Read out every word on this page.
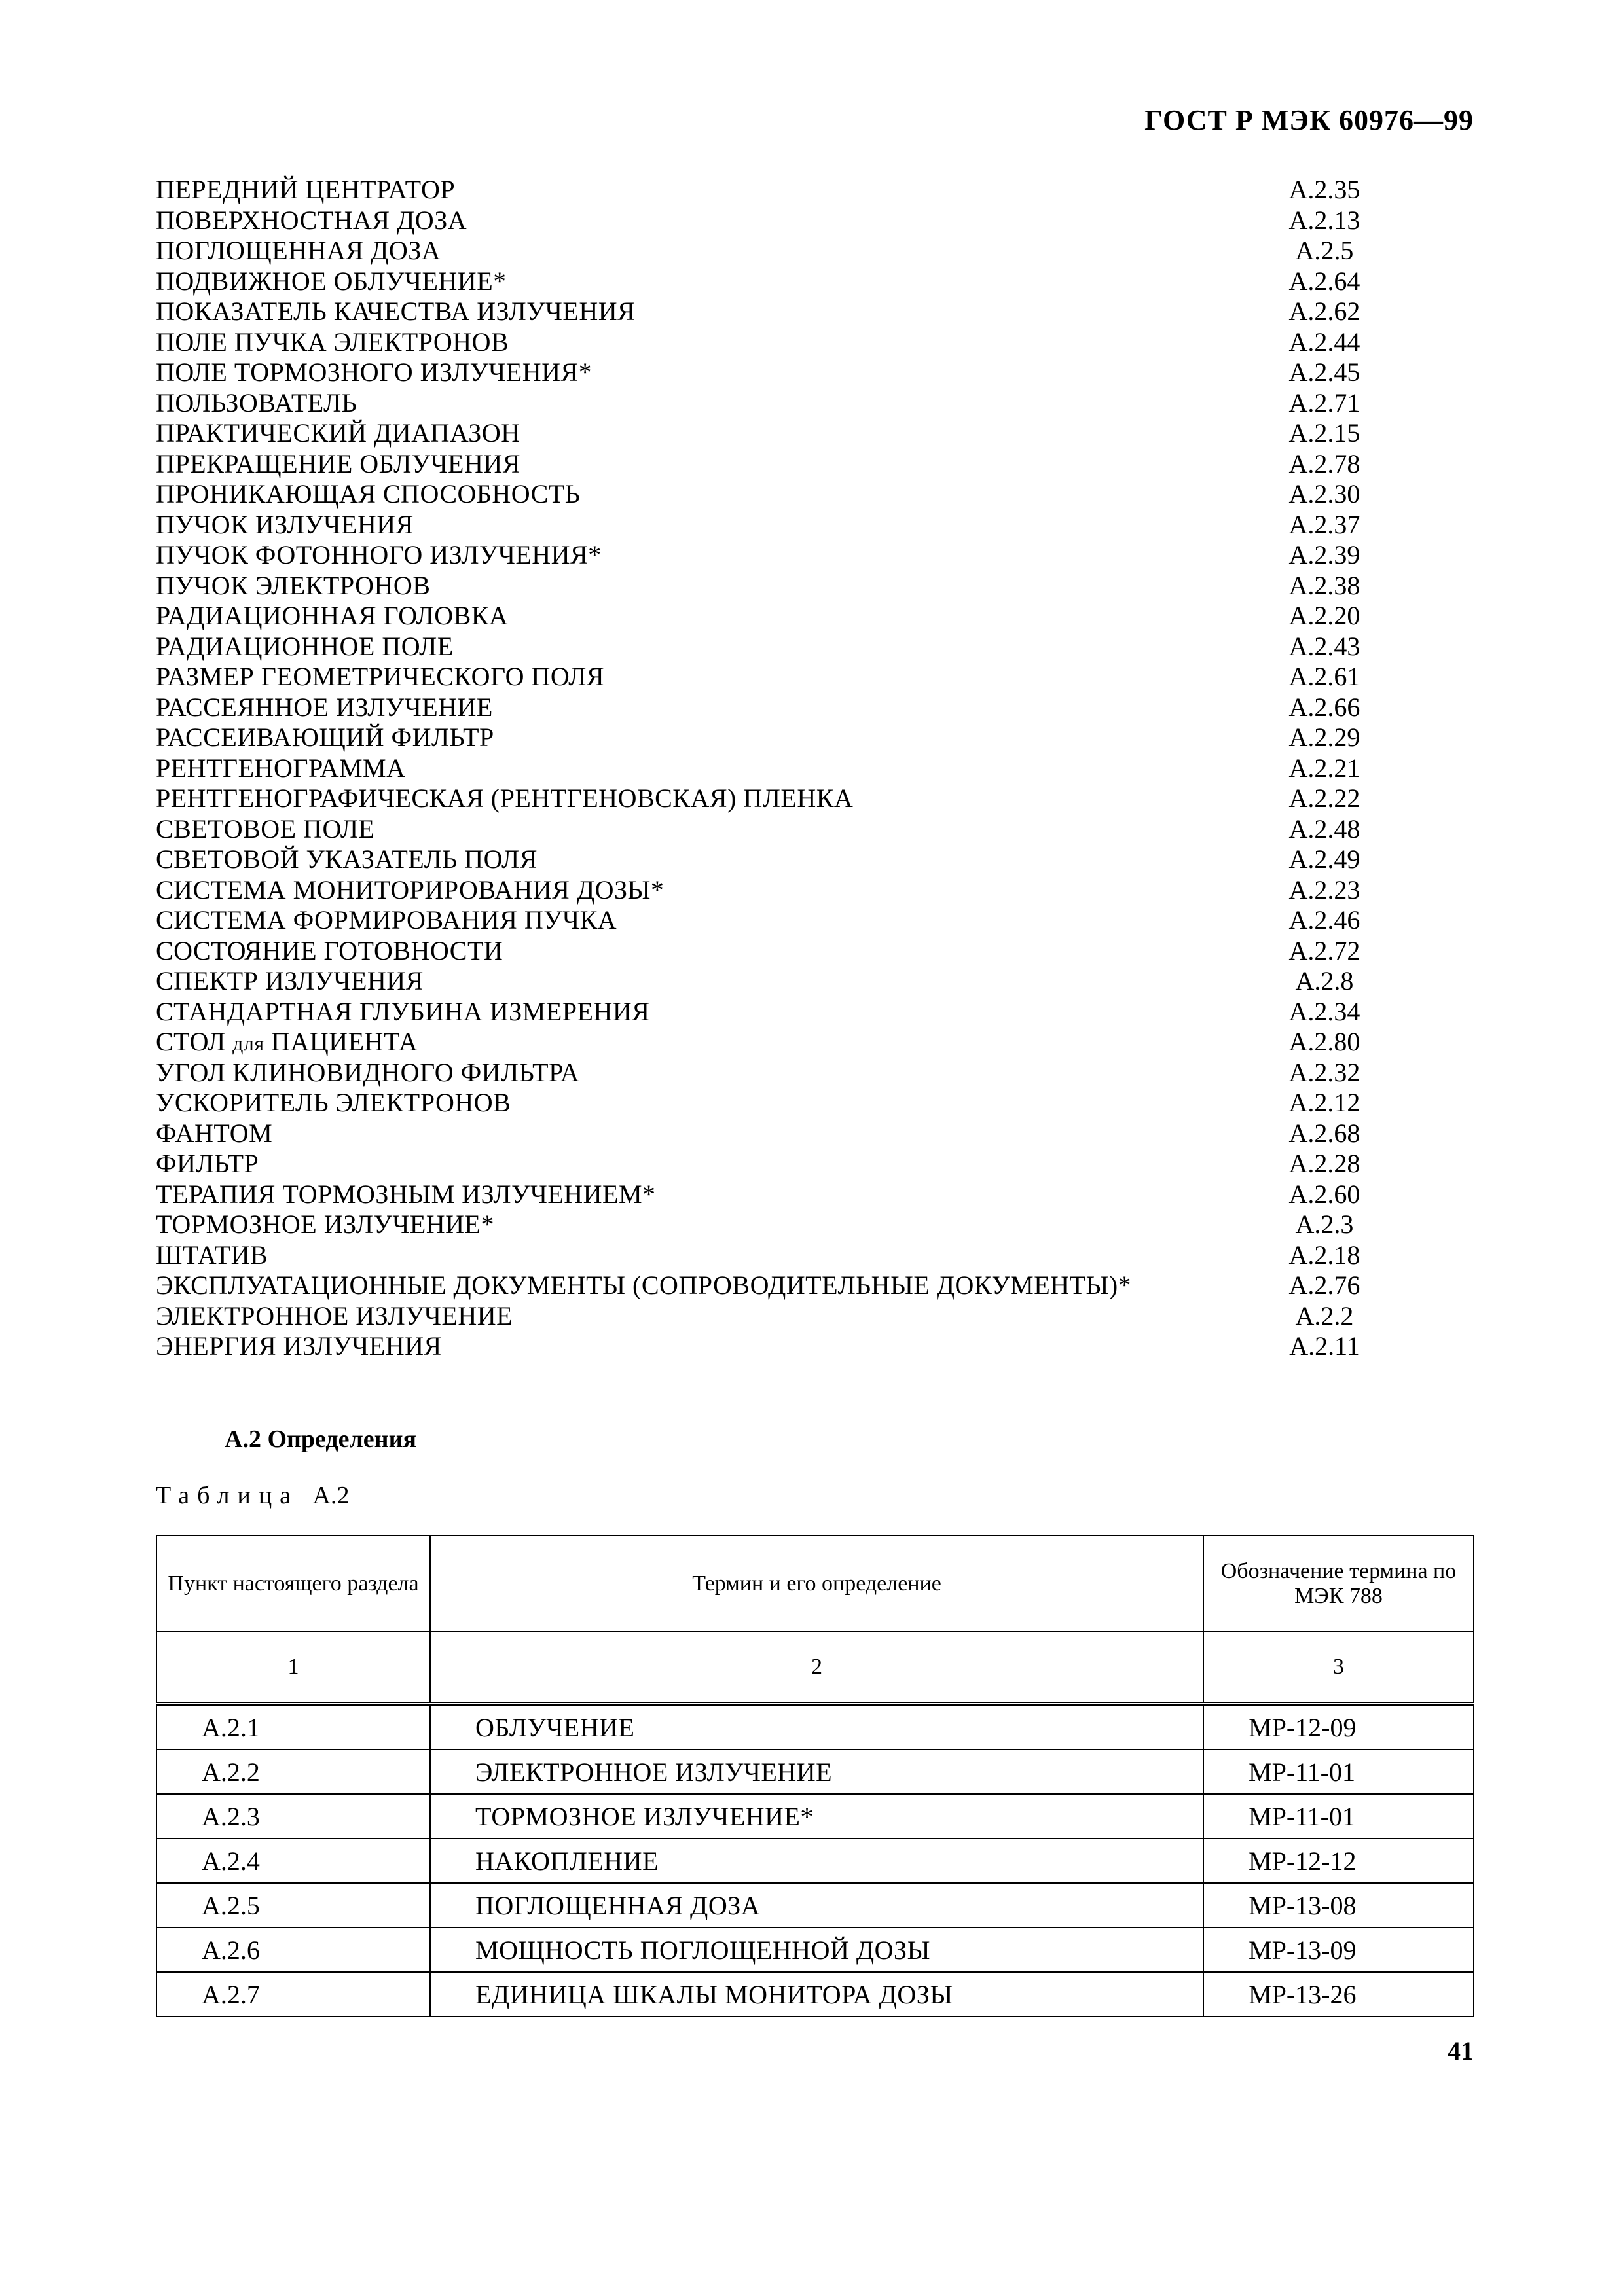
ГОСТ Р МЭК 60976—99
ПЕРЕДНИЙ ЦЕНТРАТОР	А.2.35
ПОВЕРХНОСТНАЯ ДОЗА	А.2.13
ПОГЛОЩЕННАЯ ДОЗА	А.2.5
ПОДВИЖНОЕ ОБЛУЧЕНИЕ*	А.2.64
ПОКАЗАТЕЛЬ КАЧЕСТВА ИЗЛУЧЕНИЯ	А.2.62
ПОЛЕ ПУЧКА ЭЛЕКТРОНОВ	А.2.44
ПОЛЕ ТОРМОЗНОГО ИЗЛУЧЕНИЯ*	А.2.45
ПОЛЬЗОВАТЕЛЬ	А.2.71
ПРАКТИЧЕСКИЙ ДИАПАЗОН	А.2.15
ПРЕКРАЩЕНИЕ ОБЛУЧЕНИЯ	А.2.78
ПРОНИКАЮЩАЯ СПОСОБНОСТЬ	А.2.30
ПУЧОК ИЗЛУЧЕНИЯ	А.2.37
ПУЧОК ФОТОННОГО ИЗЛУЧЕНИЯ*	А.2.39
ПУЧОК ЭЛЕКТРОНОВ	А.2.38
РАДИАЦИОННАЯ ГОЛОВКА	А.2.20
РАДИАЦИОННОЕ ПОЛЕ	А.2.43
РАЗМЕР ГЕОМЕТРИЧЕСКОГО ПОЛЯ	А.2.61
РАССЕЯННОЕ ИЗЛУЧЕНИЕ	А.2.66
РАССЕИВАЮЩИЙ ФИЛЬТР	А.2.29
РЕНТГЕНОГРАММА	А.2.21
РЕНТГЕНОГРАФИЧЕСКАЯ (РЕНТГЕНОВСКАЯ) ПЛЕНКА	А.2.22
СВЕТОВОЕ ПОЛЕ	А.2.48
СВЕТОВОЙ УКАЗАТЕЛЬ ПОЛЯ	А.2.49
СИСТЕМА МОНИТОРИРОВАНИЯ ДОЗЫ*	А.2.23
СИСТЕМА ФОРМИРОВАНИЯ ПУЧКА	А.2.46
СОСТОЯНИЕ ГОТОВНОСТИ	А.2.72
СПЕКТР ИЗЛУЧЕНИЯ	А.2.8
СТАНДАРТНАЯ ГЛУБИНА ИЗМЕРЕНИЯ	А.2.34
СТОЛ для ПАЦИЕНТА	А.2.80
УГОЛ КЛИНОВИДНОГО ФИЛЬТРА	А.2.32
УСКОРИТЕЛЬ ЭЛЕКТРОНОВ	А.2.12
ФАНТОМ	А.2.68
ФИЛЬТР	А.2.28
ТЕРАПИЯ ТОРМОЗНЫМ ИЗЛУЧЕНИЕМ*	А.2.60
ТОРМОЗНОЕ ИЗЛУЧЕНИЕ*	А.2.3
ШТАТИВ	А.2.18
ЭКСПЛУАТАЦИОННЫЕ ДОКУМЕНТЫ (СОПРОВОДИТЕЛЬНЫЕ ДОКУМЕНТЫ)*	А.2.76
ЭЛЕКТРОННОЕ ИЗЛУЧЕНИЕ	А.2.2
ЭНЕРГИЯ ИЗЛУЧЕНИЯ	А.2.11
А.2 Определения
Таблица А.2
Пункт настоящего раздела	Термин и его определение	Обозначение термина по МЭК 788
1	2	3
А.2.1	ОБЛУЧЕНИЕ	MP-12-09
А.2.2	ЭЛЕКТРОННОЕ ИЗЛУЧЕНИЕ	MP-11-01
А.2.3	ТОРМОЗНОЕ ИЗЛУЧЕНИЕ*	MP-11-01
А.2.4	НАКОПЛЕНИЕ	MP-12-12
А.2.5	ПОГЛОЩЕННАЯ ДОЗА	MP-13-08
А.2.6	МОЩНОСТЬ ПОГЛОЩЕННОЙ ДОЗЫ	MP-13-09
А.2.7	ЕДИНИЦА ШКАЛЫ МОНИТОРА ДОЗЫ	MP-13-26
41
